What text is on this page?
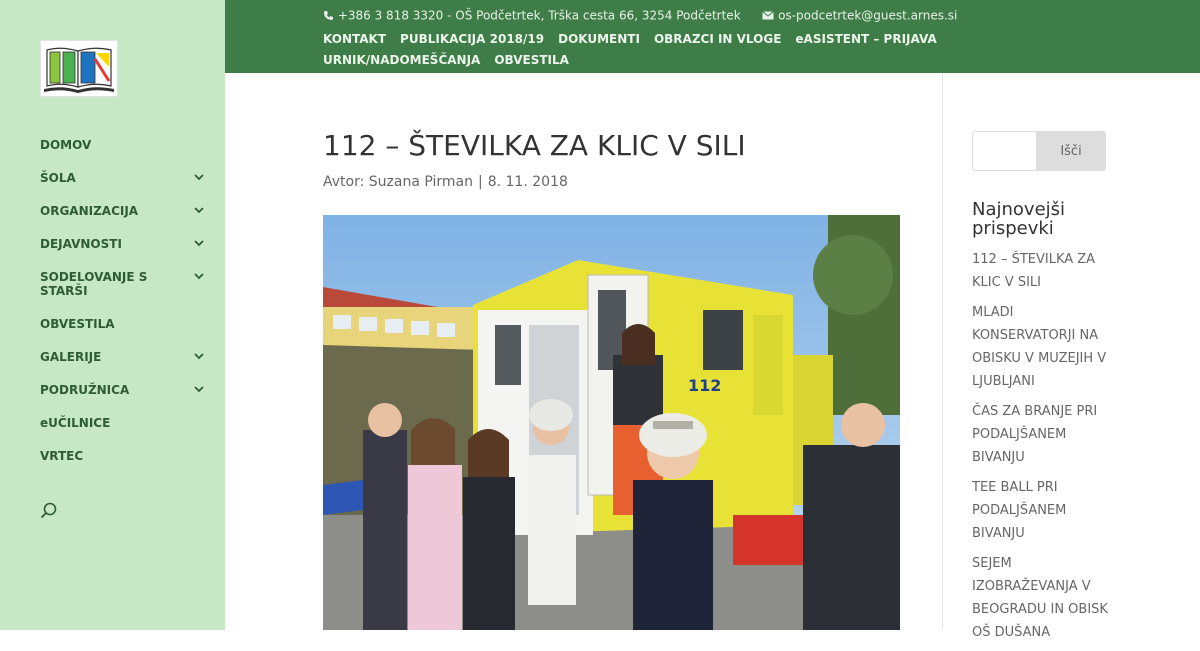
DOMOV
ŠOLA
ORGANIZACIJA
DEJAVNOSTI
SODELOVANJE S STARŠI
OBVESTILA
GALERIJE
PODRUŽNICA
eUČILNICE
VRTEC
+386 3 818 3320 - OŠ Podčetrtek, Trška cesta 66, 3254 Podčetrtek	os-podcetrtek@guest.arnes.si
KONTAKT PUBLIKACIJA 2018/19 DOKUMENTI OBRAZCI IN VLOGE eASISTENT – PRIJAVAURNIK/NADOMEŠČANJA OBVESTILA
112 – ŠTEVILKA ZA KLIC V SILI
Avtor: Suzana Pirman | 8. 11. 2018
112
Išči
Najnovejši prispevki
112 – ŠTEVILKA ZA KLIC V SILI
MLADI KONSERVATORJI NA OBISKU V MUZEJIH V LJUBLJANI
ČAS ZA BRANJE PRI PODALJŠANEM BIVANJU
TEE BALL PRI PODALJŠANEM BIVANJU
SEJEM IZOBRAŽEVANJA V BEOGRADU IN OBISK OŠ DUŠANA
